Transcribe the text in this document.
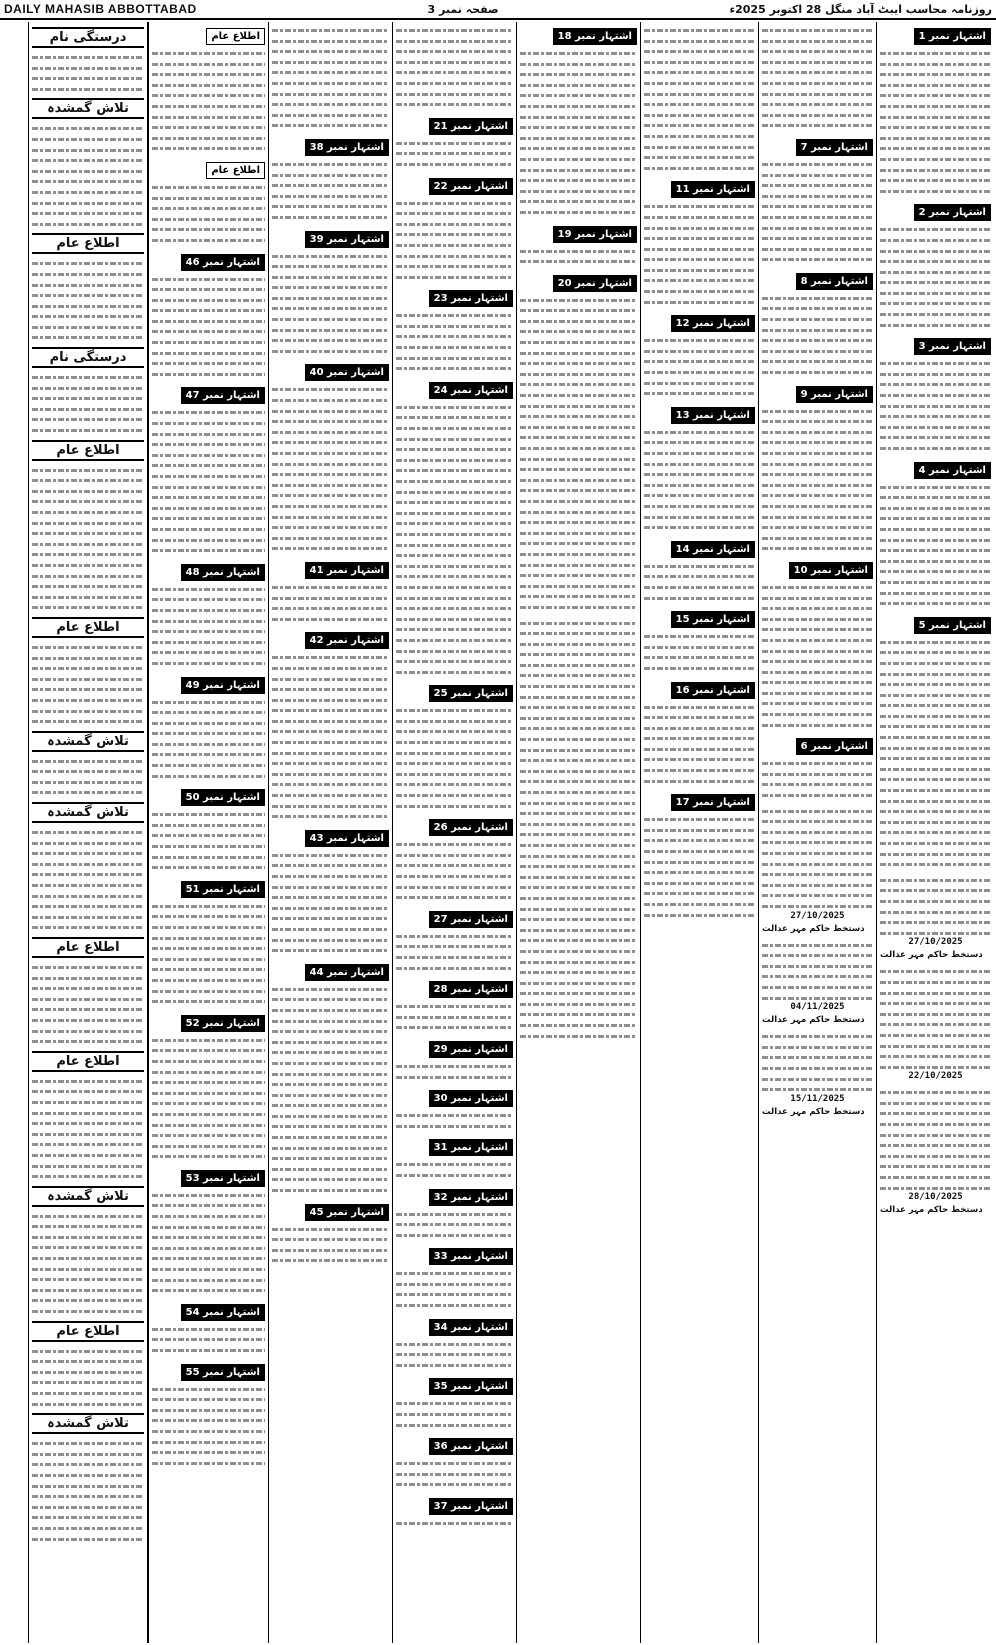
DAILY MAHASIB ABBOTTABAD	صفحہ نمبر 3	روزنامہ محاسب ایبٹ آباد منگل 28 اکتوبر 2025ء
اشتہار نمبر 1
اشتہار نمبر 2
اشتہار نمبر 3
اشتہار نمبر 4
اشتہار نمبر 5
27/10/2025
دستخط حاکم مہر عدالت
22/10/2025
28/10/2025
دستخط حاکم مہر عدالت
اشتہار نمبر 7
اشتہار نمبر 8
اشتہار نمبر 9
اشتہار نمبر 10
اشتہار نمبر 6
27/10/2025
دستخط حاکم مہر عدالت
04/11/2025
دستخط حاکم مہر عدالت
15/11/2025
دستخط حاکم مہر عدالت
اشتہار نمبر 11
اشتہار نمبر 12
اشتہار نمبر 13
اشتہار نمبر 14
اشتہار نمبر 15
اشتہار نمبر 16
اشتہار نمبر 17
اشتہار نمبر 18
اشتہار نمبر 19
اشتہار نمبر 20
اشتہار نمبر 21
اشتہار نمبر 22
اشتہار نمبر 23
اشتہار نمبر 24
اشتہار نمبر 25
اشتہار نمبر 26
اشتہار نمبر 27
اشتہار نمبر 28
اشتہار نمبر 29
اشتہار نمبر 30
اشتہار نمبر 31
اشتہار نمبر 32
اشتہار نمبر 33
اشتہار نمبر 34
اشتہار نمبر 35
اشتہار نمبر 36
اشتہار نمبر 37
اشتہار نمبر 38
اشتہار نمبر 39
اشتہار نمبر 40
اشتہار نمبر 41
اشتہار نمبر 42
اشتہار نمبر 43
اشتہار نمبر 44
اشتہار نمبر 45
اطلاع عام
اطلاع عام
اشتہار نمبر 46
اشتہار نمبر 47
اشتہار نمبر 48
اشتہار نمبر 49
اشتہار نمبر 50
اشتہار نمبر 51
اشتہار نمبر 52
اشتہار نمبر 53
اشتہار نمبر 54
اشتہار نمبر 55
درستگی نام
تلاش گمشدہ
اطلاع عام
درستگی نام
اطلاع عام
اطلاع عام
تلاش گمشدہ
تلاش گمشدہ
اطلاع عام
اطلاع عام
تلاش گمشدہ
اطلاع عام
تلاش گمشدہ
